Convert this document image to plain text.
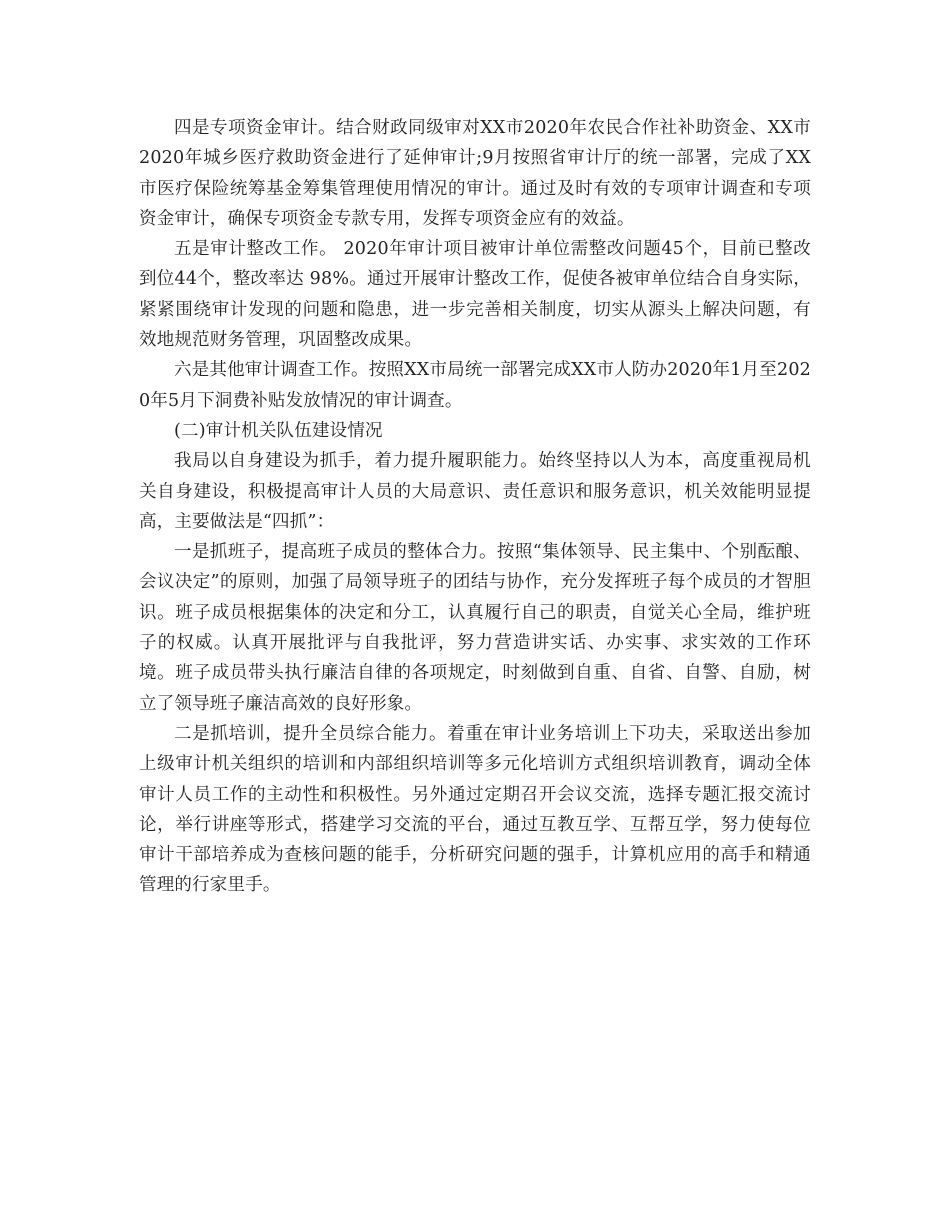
四是专项资金审计。结合财政同级审对XX市2020年农民合作社补助资金、XX市2020年城乡医疗救助资金进行了延伸审计;9月按照省审计厅的统一部署，完成了XX市医疗保险统筹基金筹集管理使用情况的审计。通过及时有效的专项审计调查和专项资金审计，确保专项资金专款专用，发挥专项资金应有的效益。

五是审计整改工作。 2020年审计项目被审计单位需整改问题45个，目前已整改到位44个，整改率达 98%。通过开展审计整改工作，促使各被审单位结合自身实际，紧紧围绕审计发现的问题和隐患，进一步完善相关制度，切实从源头上解决问题，有效地规范财务管理，巩固整改成果。

六是其他审计调查工作。按照XX市局统一部署完成XX市人防办2020年1月至2020年5月下洞费补贴发放情况的审计调查。

(二)审计机关队伍建设情况

我局以自身建设为抓手，着力提升履职能力。始终坚持以人为本，高度重视局机关自身建设，积极提高审计人员的大局意识、责任意识和服务意识，机关效能明显提高，主要做法是“四抓”：

一是抓班子，提高班子成员的整体合力。按照“集体领导、民主集中、个别酝酿、会议决定”的原则，加强了局领导班子的团结与协作，充分发挥班子每个成员的才智胆识。班子成员根据集体的决定和分工，认真履行自己的职责，自觉关心全局，维护班子的权威。认真开展批评与自我批评，努力营造讲实话、办实事、求实效的工作环境。班子成员带头执行廉洁自律的各项规定，时刻做到自重、自省、自警、自励，树立了领导班子廉洁高效的良好形象。

二是抓培训，提升全员综合能力。着重在审计业务培训上下功夫，采取送出参加上级审计机关组织的培训和内部组织培训等多元化培训方式组织培训教育，调动全体审计人员工作的主动性和积极性。另外通过定期召开会议交流，选择专题汇报交流讨论，举行讲座等形式，搭建学习交流的平台，通过互教互学、互帮互学，努力使每位审计干部培养成为查核问题的能手，分析研究问题的强手，计算机应用的高手和精通管理的行家里手。
